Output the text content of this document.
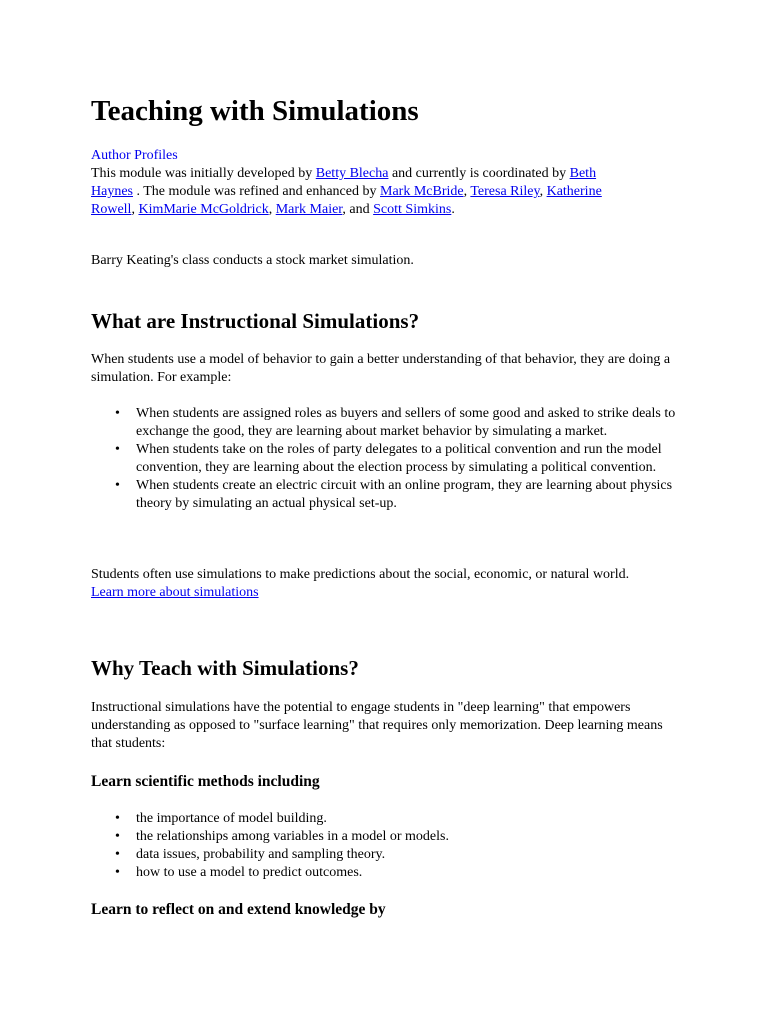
Teaching with Simulations
Author Profiles
This module was initially developed by Betty Blecha and currently is coordinated by Beth
Haynes . The module was refined and enhanced by Mark McBride, Teresa Riley, Katherine
Rowell, KimMarie McGoldrick, Mark Maier, and Scott Simkins.
Barry Keating's class conducts a stock market simulation.
What are Instructional Simulations?
When students use a model of behavior to gain a better understanding of that behavior, they are doing a simulation. For example:
• When students are assigned roles as buyers and sellers of some good and asked to strike deals to exchange the good, they are learning about market behavior by simulating a market.
• When students take on the roles of party delegates to a political convention and run the model convention, they are learning about the election process by simulating a political convention.
• When students create an electric circuit with an online program, they are learning about physics theory by simulating an actual physical set-up.
Students often use simulations to make predictions about the social, economic, or natural world.
Learn more about simulations
Why Teach with Simulations?
Instructional simulations have the potential to engage students in "deep learning" that empowers understanding as opposed to "surface learning" that requires only memorization. Deep learning means that students:
Learn scientific methods including
• the importance of model building.
• the relationships among variables in a model or models.
• data issues, probability and sampling theory.
• how to use a model to predict outcomes.
Learn to reflect on and extend knowledge by
